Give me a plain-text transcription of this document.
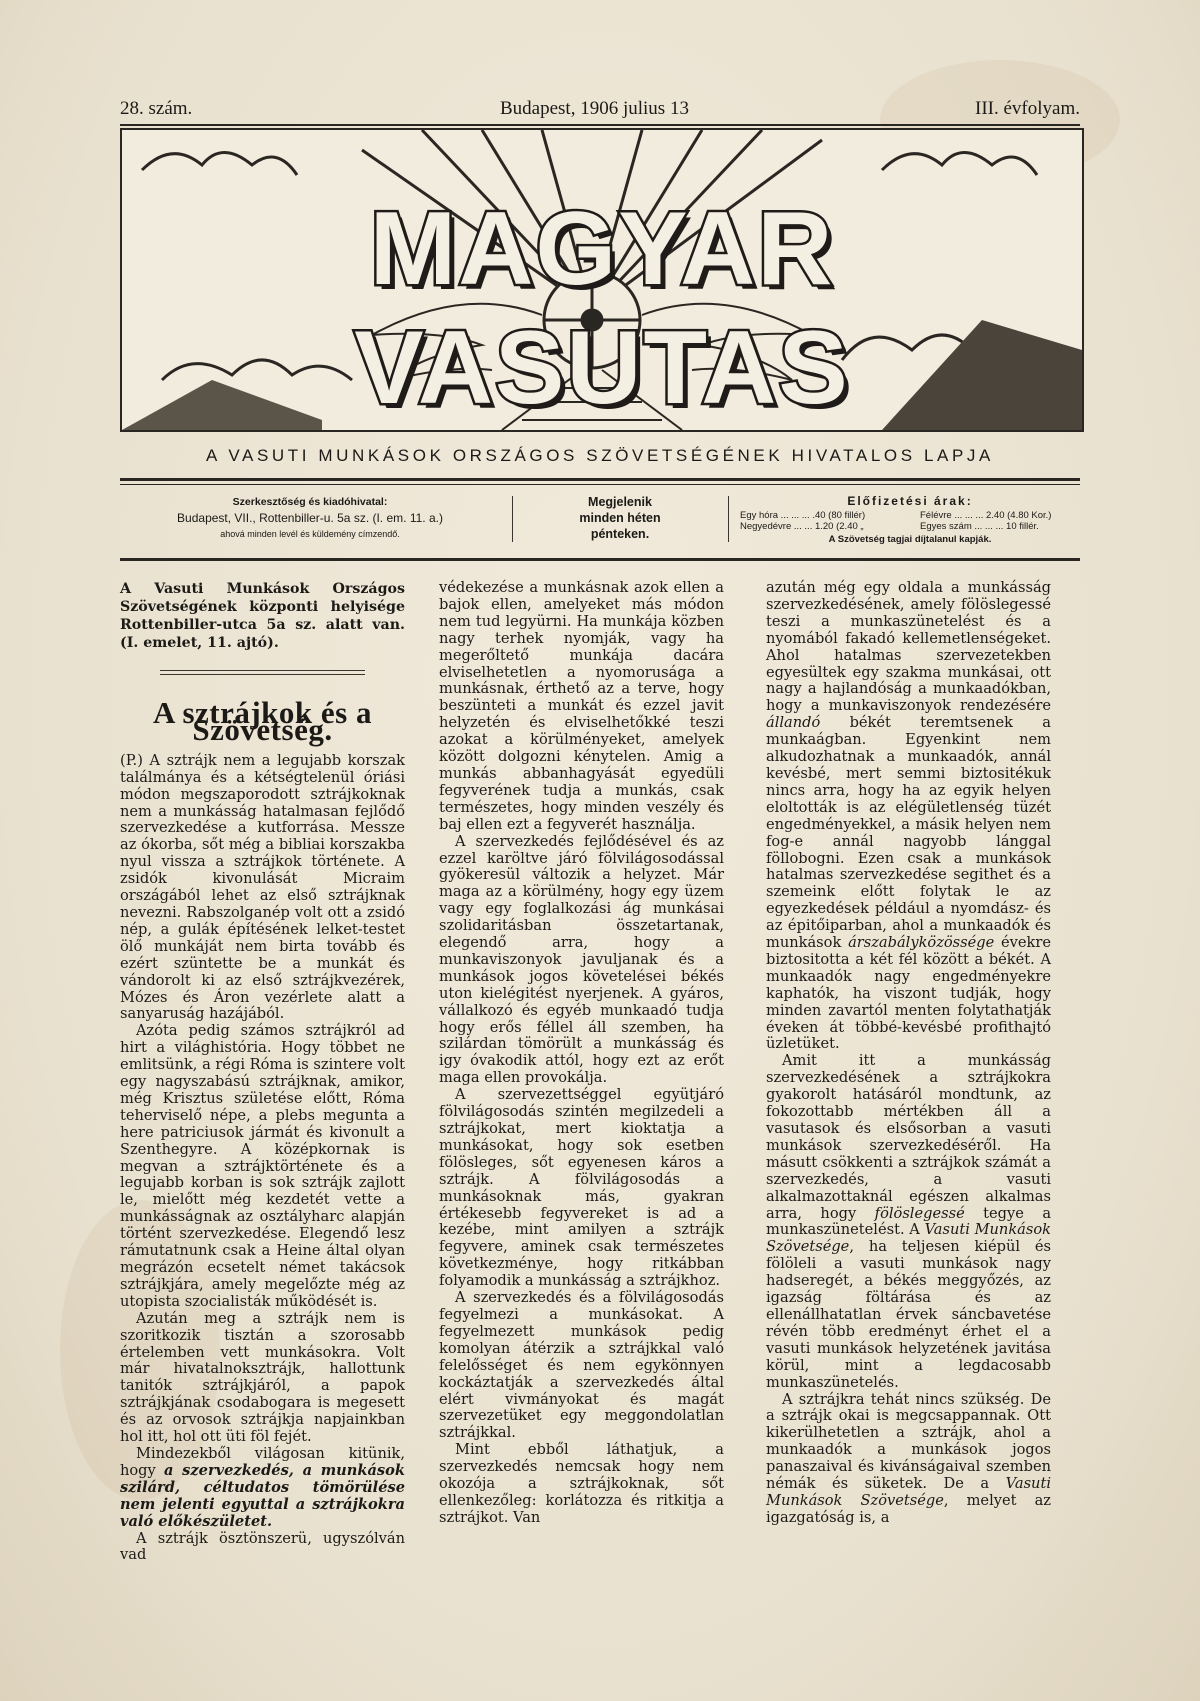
28. szám.	Budapest, 1906 julius 13	III. évfolyam.
MAGYAR VASUTAS
A VASUTI MUNKÁSOK ORSZÁGOS SZÖVETSÉGÉNEK HIVATALOS LAPJA
Szerkesztőség és kiadóhivatal:
Budapest, VII., Rottenbiller-u. 5a sz. (I. em. 11. a.)
ahová minden levél és küldemény címzendő.
Megjelenik
minden héten
pénteken.
Előfizetési árak:
Egy hóra ... ... ... .40 (80 fillér)
Negyedévre ... ... 1.20 (2.40 „
Félévre ... ... ... 2.40 (4.80 Kor.)
Egyes szám ... ... ... 10 fillér.
A Szövetség tagjai díjtalanul kapják.

A Vasuti Munkások Országos Szövetségének központi helyisége Rottenbiller-utca 5a sz. alatt van. (I. emelet, 11. ajtó).

A sztrájkok és a Szövetség.

(P.) A sztrájk nem a legujabb korszak találmánya és a kétségtelenül óriási módon megszaporodott sztrájkoknak nem a munkásság hatalmasan fejlődő szervezkedése a kutforrása. Messze az ókorba, sőt még a bibliai korszakba nyul vissza a sztrájkok története. A zsidók kivonulását Micraim országából lehet az első sztrájknak nevezni. Rabszolganép volt ott a zsidó nép, a gulák építésének lelket-testet ölő munkáját nem birta tovább és ezért szüntette be a munkát és vándorolt ki az első sztrájkvezérek, Mózes és Áron vezérlete alatt a sanyaruság hazájából.

Azóta pedig számos sztrájkról ad hirt a világhistória. Hogy többet ne emlitsünk, a régi Róma is szintere volt egy nagyszabású sztrájknak, amikor, még Krisztus születése előtt, Róma teherviselő népe, a plebs megunta a here patriciusok jármát és kivonult a Szenthegyre. A középkornak is megvan a sztrájktörténete és a legujabb korban is sok sztrájk zajlott le, mielőtt még kezdetét vette a munkásságnak az osztályharc alapján történt szervezkedése. Elegendő lesz rámutatnunk csak a Heine által olyan megrázón ecsetelt német takácsok sztrájkjára, amely megelőzte még az utopista szocialisták működését is.

Azután meg a sztrájk nem is szoritkozik tisztán a szorosabb értelemben vett munkásokra. Volt már hivatalnoksztrájk, hallottunk tanitók sztrájkjáról, a papok sztrájkjának csodabogara is megesett és az orvosok sztrájkja napjainkban hol itt, hol ott üti föl fejét.

Mindezekből világosan kitünik, hogy a szervezkedés, a munkások szilárd, céltudatos tömörülése nem jelenti egyuttal a sztrájkokra való előkészületet.

A sztrájk ösztönszerü, ugyszólván vad

védekezése a munkásnak azok ellen a bajok ellen, amelyeket más módon nem tud legyürni. Ha munkája közben nagy terhek nyomják, vagy ha megerőltető munkája dacára elviselhetetlen a nyomorusága a munkásnak, érthető az a terve, hogy beszünteti a munkát és ezzel javit helyzetén és elviselhetőkké teszi azokat a körülményeket, amelyek között dolgozni kénytelen. Amig a munkás abbanhagyását egyedüli fegyverének tudja a munkás, csak természetes, hogy minden veszély és baj ellen ezt a fegyverét használja.

A szervezkedés fejlődésével és az ezzel karöltve járó fölvilágosodással gyökeresül változik a helyzet. Már maga az a körülmény, hogy egy üzem vagy egy foglalkozási ág munkásai szolidaritásban összetartanak, elegendő arra, hogy a munkaviszonyok javuljanak és a munkások jogos követelései békés uton kielégitést nyerjenek. A gyáros, vállalkozó és egyéb munkaadó tudja hogy erős féllel áll szemben, ha szilárdan tömörült a munkásság és igy óvakodik attól, hogy ezt az erőt maga ellen provokálja.

A szervezettséggel együtjáró fölvilágosodás szintén megilzedeli a sztrájkokat, mert kioktatja a munkásokat, hogy sok esetben fölösleges, sőt egyenesen káros a sztrájk. A fölvilágosodás a munkásoknak más, gyakran értékesebb fegyvereket is ad a kezébe, mint amilyen a sztrájk fegyvere, aminek csak természetes következménye, hogy ritkábban folyamodik a munkásság a sztrájkhoz.

A szervezkedés és a fölvilágosodás fegyelmezi a munkásokat. A fegyelmezett munkások pedig komolyan átérzik a sztrájkkal való felelősséget és nem egykönnyen kockáztatják a szervezkedés által elért vivmányokat és magát szervezetüket egy meggondolatlan sztrájkkal.

Mint ebből láthatjuk, a szervezkedés nemcsak hogy nem okozója a sztrájkoknak, sőt ellenkezőleg: korlátozza és ritkitja a sztrájkot. Van

azután még egy oldala a munkásság szervezkedésének, amely fölöslegessé teszi a munkaszünetelést és a nyomából fakadó kellemetlenségeket. Ahol hatalmas szervezetekben egyesültek egy szakma munkásai, ott nagy a hajlandóság a munkaadókban, hogy a munkaviszonyok rendezésére állandó békét teremtsenek a munkaágban. Egyenkint nem alkudozhatnak a munkaadók, annál kevésbé, mert semmi biztositékuk nincs arra, hogy ha az egyik helyen eloltották is az elégületlenség tüzét engedményekkel, a másik helyen nem fog-e annál nagyobb lánggal föllobogni. Ezen csak a munkások hatalmas szervezkedése segithet és a szemeink előtt folytak le az egyezkedések például a nyomdász- és az épitőiparban, ahol a munkaadók és munkások árszabályközössége évekre biztositotta a két fél között a békét. A munkaadók nagy engedményekre kaphatók, ha viszont tudják, hogy minden zavartól menten folytathatják éveken át többé-kevésbé profithajtó üzletüket.

Amit itt a munkásság szervezkedésének a sztrájkokra gyakorolt hatásáról mondtunk, az fokozottabb mértékben áll a vasutasok és elsősorban a vasuti munkások szervezkedéséről. Ha másutt csökkenti a sztrájkok számát a szervezkedés, a vasuti alkalmazottaknál egészen alkalmas arra, hogy fölöslegessé tegye a munkaszünetelést. A Vasuti Munkások Szövetsége, ha teljesen kiépül és fölöleli a vasuti munkások nagy hadseregét, a békés meggyőzés, az igazság föltárása és az ellenállhatatlan érvek sáncbavetése révén több eredményt érhet el a vasuti munkások helyzetének javitása körül, mint a legdacosabb munkaszünetelés.

A sztrájkra tehát nincs szükség. De a sztrájk okai is megcsappannak. Ott kikerülhetetlen a sztrájk, ahol a munkaadók a munkások jogos panaszaival és kivánságaival szemben némák és süketek. De a Vasuti Munkások Szövetsége, melyet az igazgatóság is, a
